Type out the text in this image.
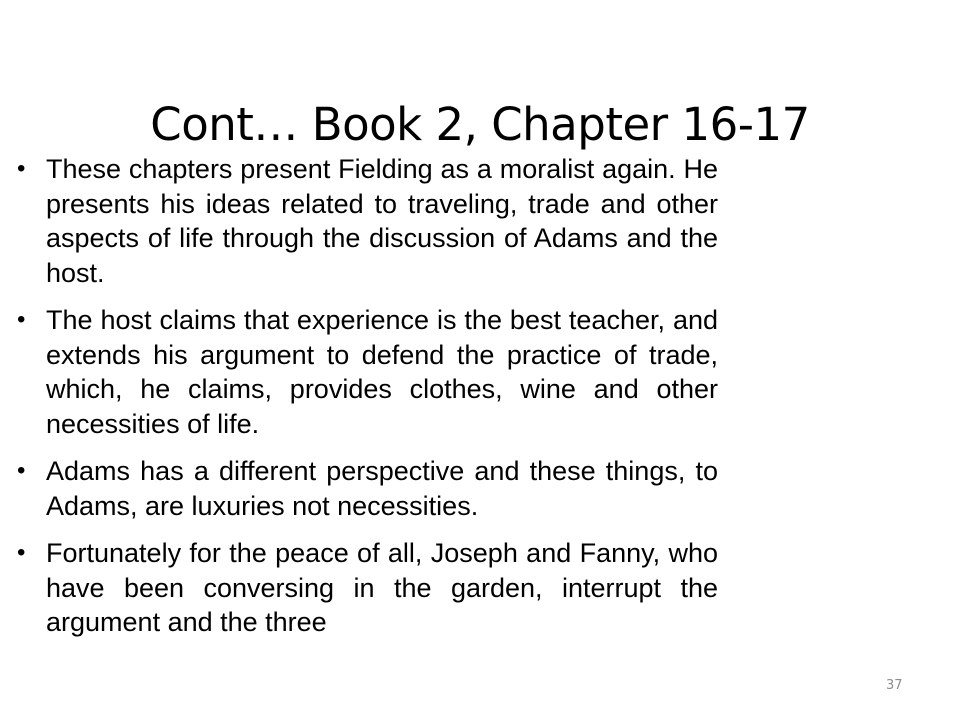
Cont… Book 2, Chapter 16-17
• These chapters present Fielding as a moralist again. He presents his ideas related to traveling, trade and other aspects of life through the discussion of Adams and the host.
• The host claims that experience is the best teacher, and extends his argument to defend the practice of trade, which, he claims, provides clothes, wine and other necessities of life.
• Adams has a different perspective and these things, to Adams, are luxuries not necessities.
• Fortunately for the peace of all, Joseph and Fanny, who have been conversing in the garden, interrupt the argument and the three
37
